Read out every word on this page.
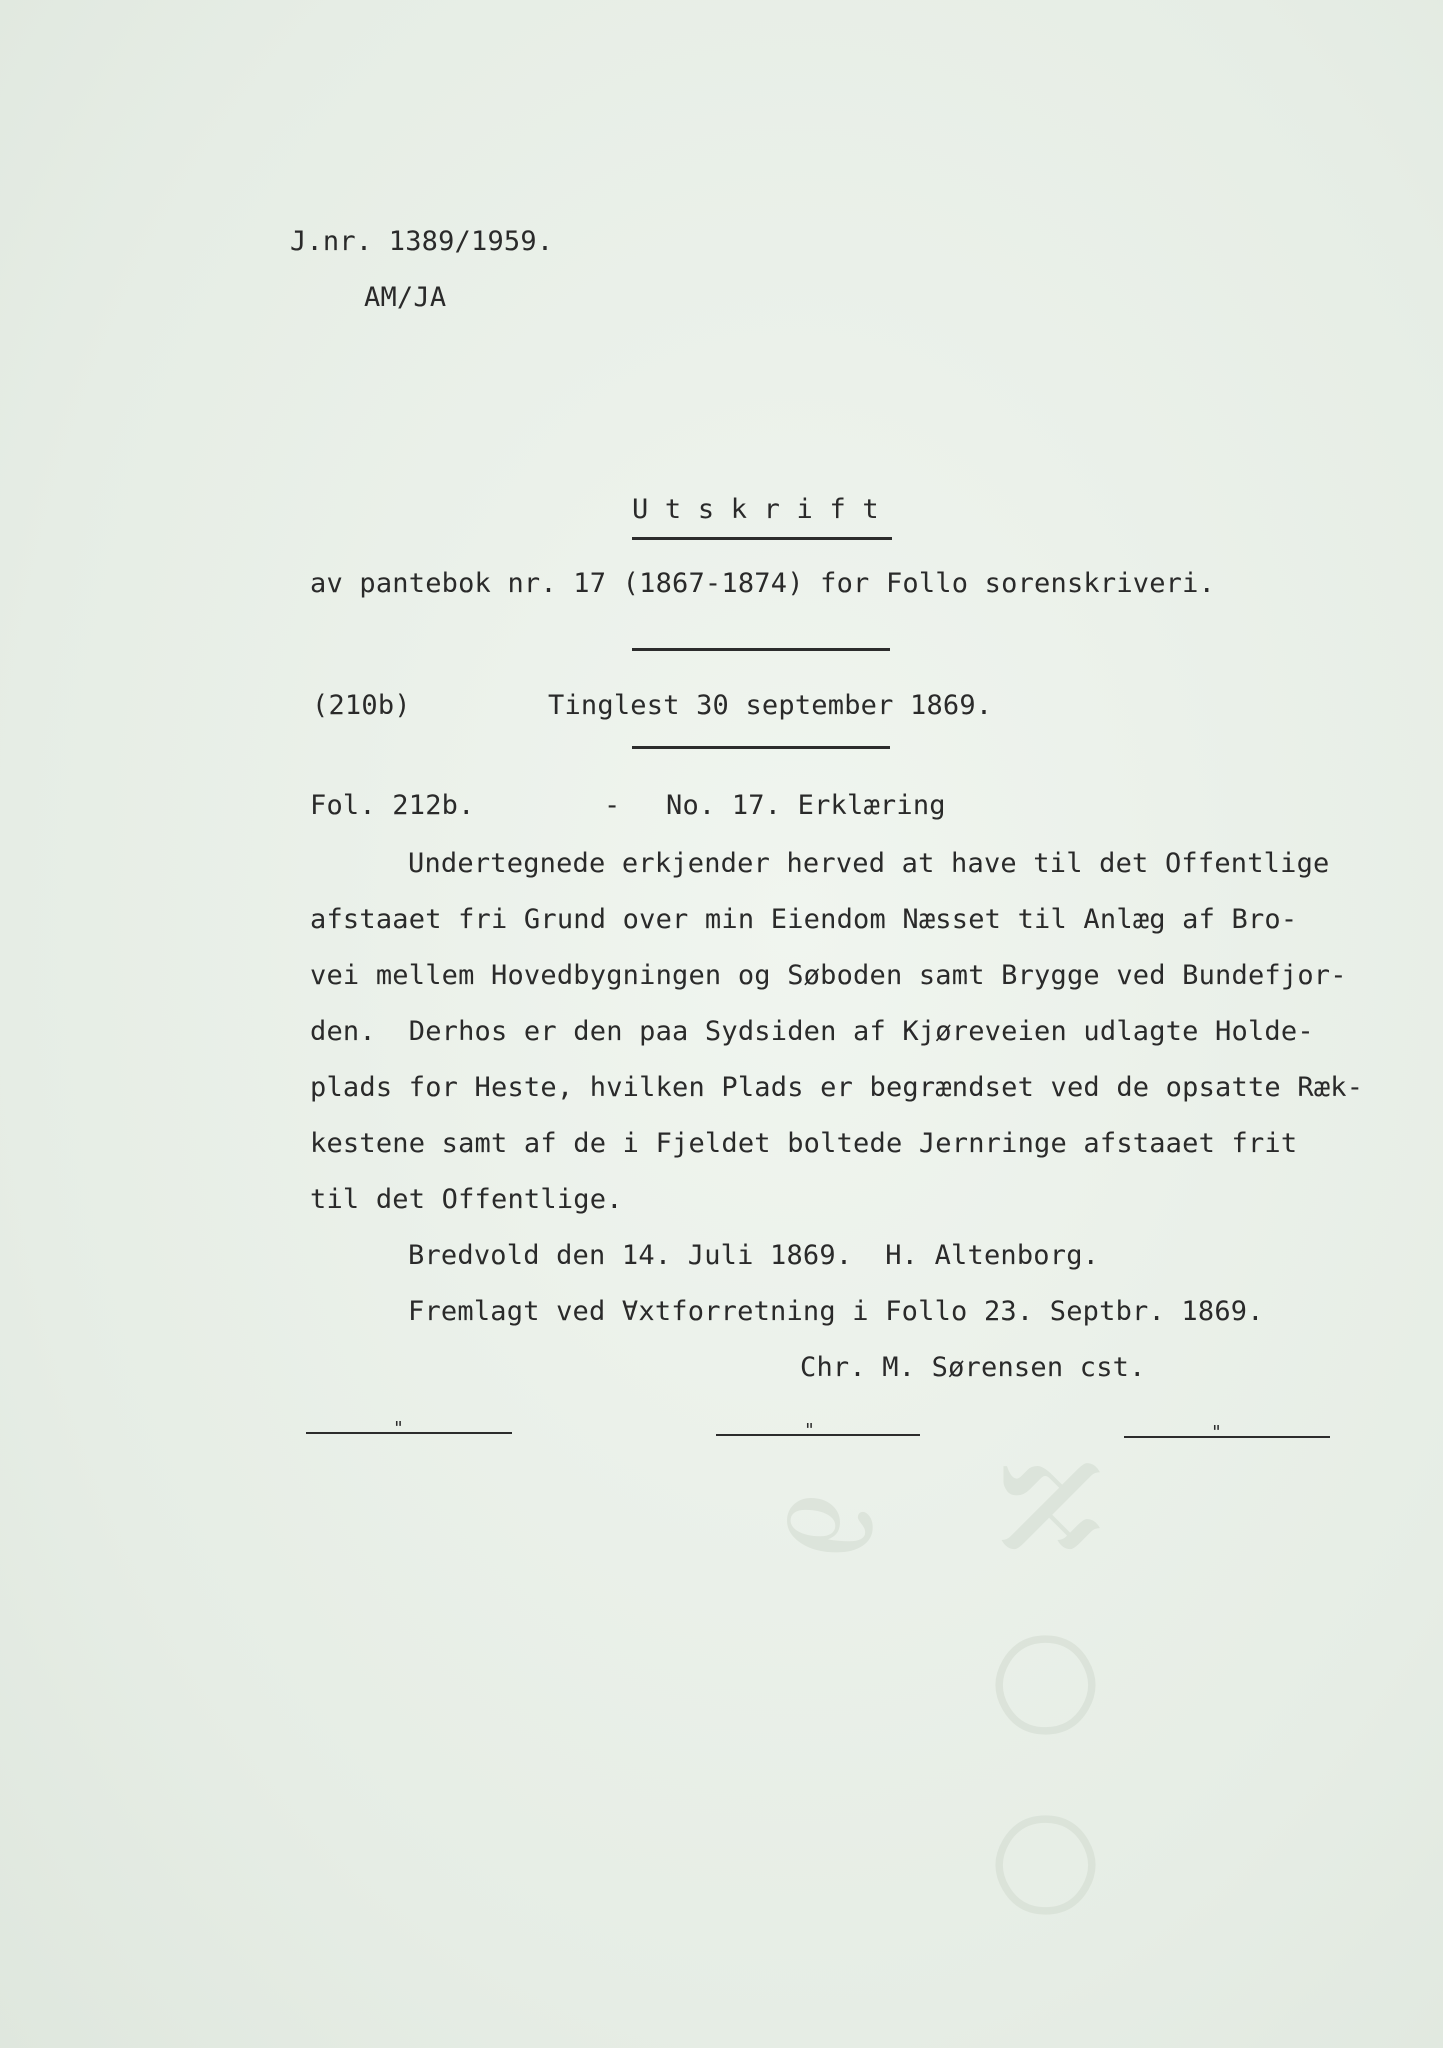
ℵ
○
○
∂
J.nr. 1389/1959.
AM/JA
U t s k r i f t
av pantebok nr. 17 (1867-1874) for Follo sorenskriveri.
(210b)	Tinglest 30 september 1869.
Fol. 212b.	- No. 17. Erklæring
Undertegnede erkjender herved at have til det Offentlige
afstaaet fri Grund over min Eiendom Næsset til Anlæg af Bro-
vei mellem Hovedbygningen og Søboden samt Brygge ved Bundefjor-
den.  Derhos er den paa Sydsiden af Kjøreveien udlagte Holde-
plads for Heste, hvilken Plads er begrændset ved de opsatte Ræk-
kestene samt af de i Fjeldet boltede Jernringe afstaaet frit
til det Offentlige.
Bredvold den 14. Juli 1869.  H. Altenborg.
Fremlagt ved Ɐxtforretning i Follo 23. Septbr. 1869.
Chr. M. Sørensen cst.
"	"	"
